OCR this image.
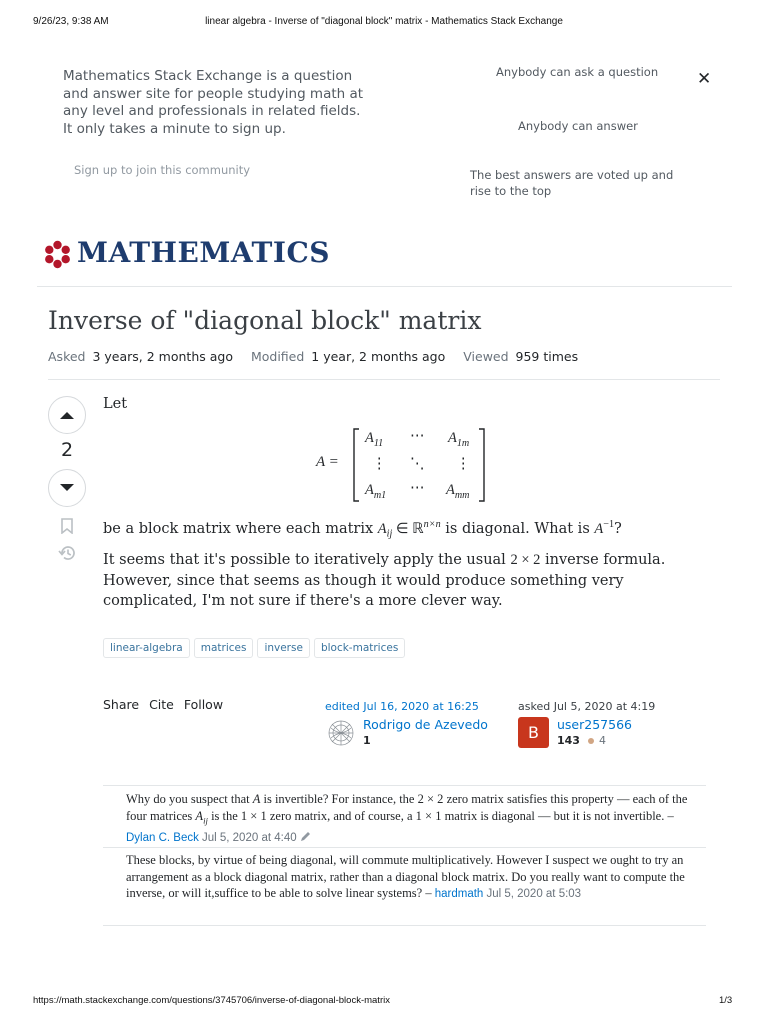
9/26/23, 9:38 AM	linear algebra - Inverse of "diagonal block" matrix - Mathematics Stack Exchange
Mathematics Stack Exchange is a question and answer site for people studying math at any level and professionals in related fields. It only takes a minute to sign up.
Sign up to join this community
Anybody can ask a question
Anybody can answer
The best answers are voted up and rise to the top
✕
MATHEMATICS
Inverse of "diagonal block" matrix
Asked 3 years, 2 months ago Modified 1 year, 2 months ago Viewed 959 times
2
Let
A =
$A_{11}$ ⋯ $A_{1m}$
⋮ ⋱ ⋮
$A_{m1}$ ⋯ $A_{mm}$
be a block matrix where each matrix $A_{ij}$ ∈ ℝ$^{n\times n}$ is diagonal. What is $A^{-1}$?
It seems that it's possible to iteratively apply the usual 2 × 2 inverse formula. However, since that seems as though it would produce something very complicated, I'm not sure if there's a more clever way.
linear-algebra matrices inverse block-matrices
Share Cite Follow	edited Jul 16, 2020 at 16:25
Rodrigo de Azevedo
1
asked Jul 5, 2020 at 4:19
B	user257566
143 4
Why do you suspect that A is invertible? For instance, the 2 × 2 zero matrix satisfies this property — each of the four matrices $A_{ij}$ is the 1 × 1 zero matrix, and of course, a 1 × 1 matrix is diagonal — but it is not invertible. – Dylan C. Beck Jul 5, 2020 at 4:40
These blocks, by virtue of being diagonal, will commute multiplicatively. However I suspect we ought to try an arrangement as a block diagonal matrix, rather than a diagonal block matrix. Do you really want to compute the inverse, or will it,suffice to be able to solve linear systems? – hardmath Jul 5, 2020 at 5:03
https://math.stackexchange.com/questions/3745706/inverse-of-diagonal-block-matrix	1/3
